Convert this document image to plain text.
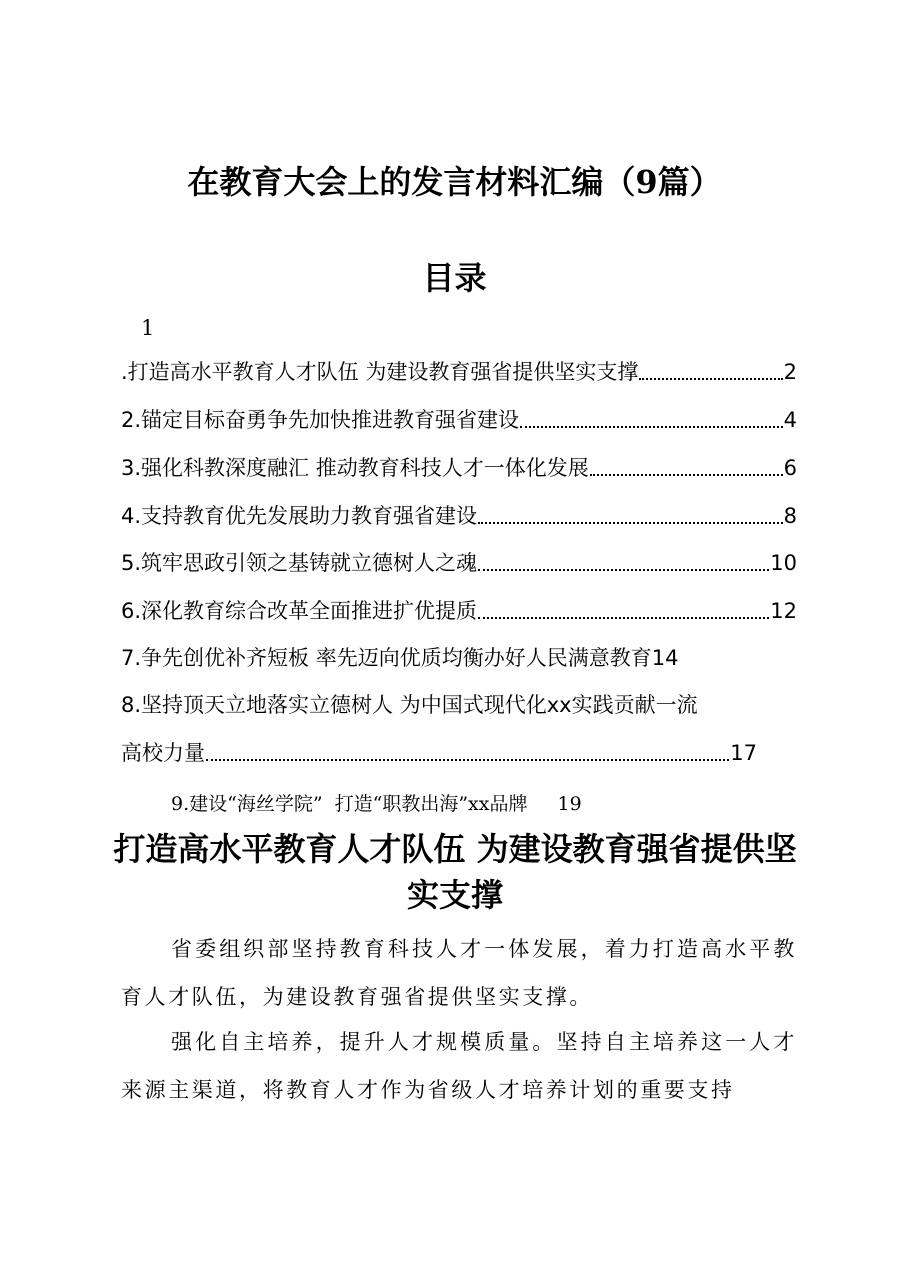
在教育大会上的发言材料汇编（9篇）
目录
1
.打造高水平教育人才队伍 为建设教育强省提供坚实支撑	2
2.锚定目标奋勇争先加快推进教育强省建设	4
3.强化科教深度融汇 推动教育科技人才一体化发展	6
4.支持教育优先发展助力教育强省建设	8
5.筑牢思政引领之基铸就立德树人之魂	10
6.深化教育综合改革全面推进扩优提质	12
7.争先创优补齐短板 率先迈向优质均衡办好人民满意教育 14
8.坚持顶天立地落实立德树人 为中国式现代化xx实践贡献一流
高校力量	17
9.建设“海丝学院”  打造“职教出海”xx品牌 19
打造高水平教育人才队伍 为建设教育强省提供坚实支撑
省委组织部坚持教育科技人才一体发展，着力打造高水平教育人才队伍，为建设教育强省提供坚实支撑。
强化自主培养，提升人才规模质量。坚持自主培养这一人才来源主渠道，将教育人才作为省级人才培养计划的重要支持
